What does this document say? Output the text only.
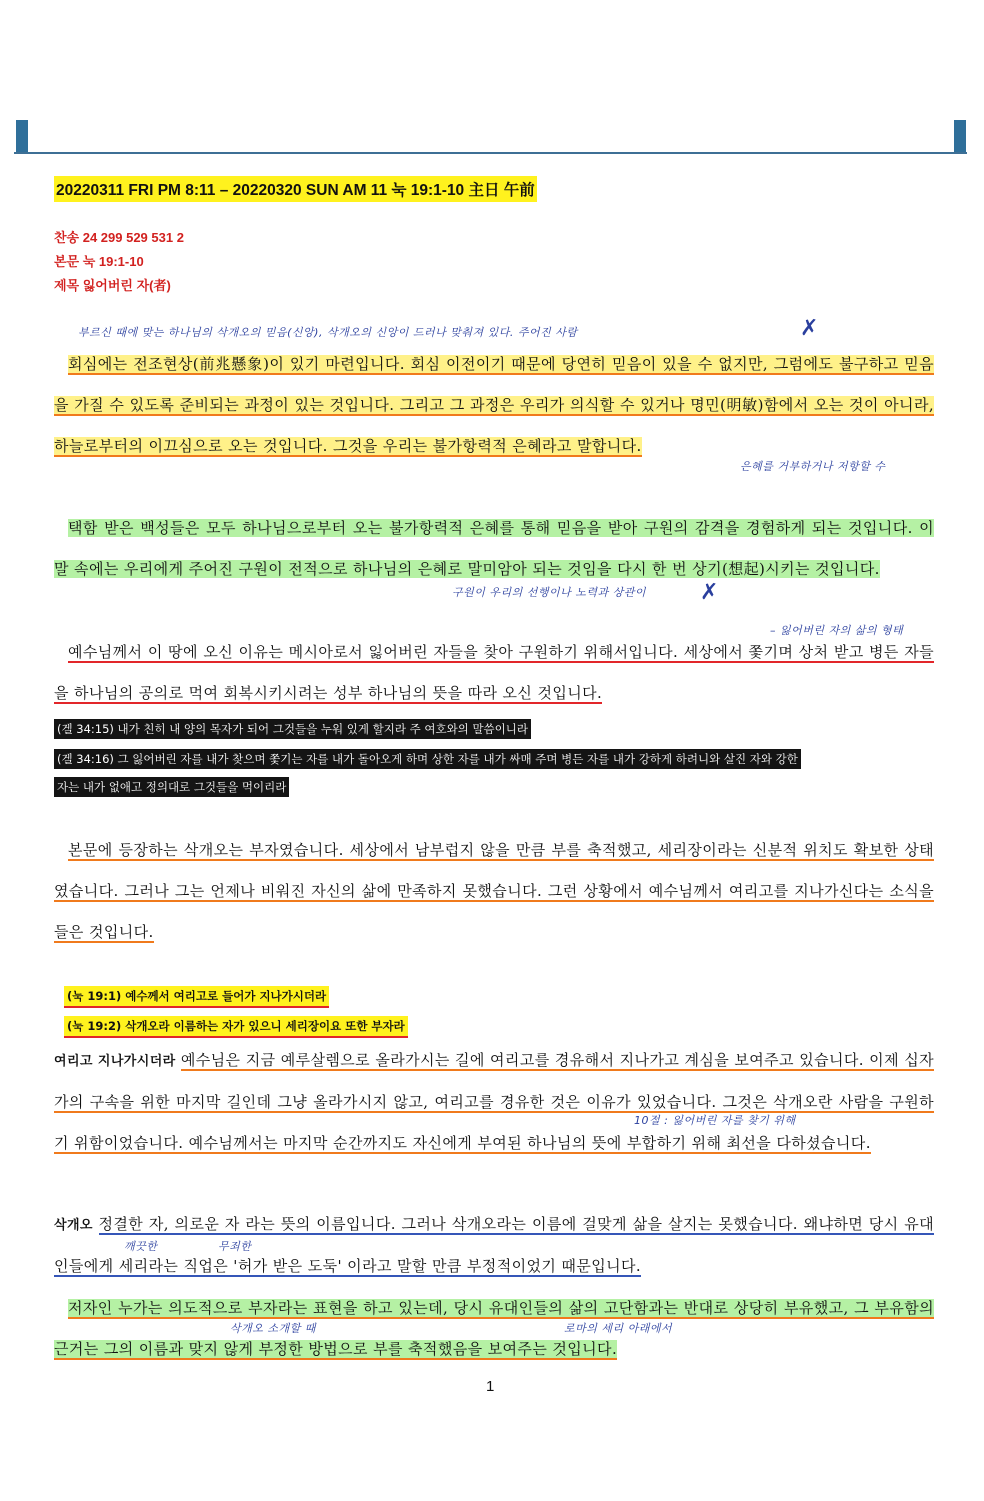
20220311 FRI PM 8:11 – 20220320 SUN AM 11 눅 19:1-10 主日 午前
찬송 24 299 529 531 2
본문 눅 19:1-10
제목 잃어버린 자(者)
부르신 때에 맞는 하나님의 삭개오의 믿음(신앙), 삭개오의 신앙이 드러나 맞춰져 있다. 주어진 사람	✗
회심에는 전조현상(前兆懸象)이 있기 마련입니다. 회심 이전이기 때문에 당연히 믿음이 있을 수 없지만, 그럼에도 불구하고 믿음을 가질 수 있도록 준비되는 과정이 있는 것입니다. 그리고 그 과정은 우리가 의식할 수 있거나 명민(明敏)함에서 오는 것이 아니라, 하늘로부터의 이끄심으로 오는 것입니다. 그것을 우리는 불가항력적 은혜라고 말합니다.
은혜를 거부하거나 저항할 수
택함 받은 백성들은 모두 하나님으로부터 오는 불가항력적 은혜를 통해 믿음을 받아 구원의 감격을 경험하게 되는 것입니다. 이 말 속에는 우리에게 주어진 구원이 전적으로 하나님의 은혜로 말미암아 되는 것임을 다시 한 번 상기(想起)시키는 것입니다.
구원이 우리의 선행이나 노력과 상관이 ✗
– 잃어버린 자의 삶의 형태
예수님께서 이 땅에 오신 이유는 메시아로서 잃어버린 자들을 찾아 구원하기 위해서입니다. 세상에서 쫓기며 상처 받고 병든 자들을 하나님의 공의로 먹여 회복시키시려는 성부 하나님의 뜻을 따라 오신 것입니다.
(겔 34:15) 내가 친히 내 양의 목자가 되어 그것들을 누워 있게 할지라 주 여호와의 말씀이니라
(겔 34:16) 그 잃어버린 자를 내가 찾으며 쫓기는 자를 내가 돌아오게 하며 상한 자를 내가 싸매 주며 병든 자를 내가 강하게 하려니와 살진 자와 강한
자는 내가 없애고 정의대로 그것들을 먹이리라
본문에 등장하는 삭개오는 부자였습니다. 세상에서 남부럽지 않을 만큼 부를 축적했고, 세리장이라는 신분적 위치도 확보한 상태였습니다. 그러나 그는 언제나 비워진 자신의 삶에 만족하지 못했습니다. 그런 상황에서 예수님께서 여리고를 지나가신다는 소식을 들은 것입니다.
(눅 19:1) 예수께서 여리고로 들어가 지나가시더라
(눅 19:2) 삭개오라 이름하는 자가 있으니 세리장이요 또한 부자라
여리고 지나가시더라 예수님은 지금 예루살렘으로 올라가시는 길에 여리고를 경유해서 지나가고 계심을 보여주고 있습니다. 이제 십자가의 구속을 위한 마지막 길인데 그냥 올라가시지 않고, 여리고를 경유한 것은 이유가 있었습니다. 그것은 삭개오란 사람을 구원하기 위함이었습니다. 예수님께서는 마지막 순간까지도 자신에게 부여된 하나님의 뜻에 부합하기 위해 최선을 다하셨습니다.
10절 : 잃어버린 자를 찾기 위해
삭개오 정결한 자, 의로운 자 라는 뜻의 이름입니다. 그러나 삭개오라는 이름에 걸맞게 삶을 살지는 못했습니다. 왜냐하면 당시 유대인들에게 세리라는 직업은 '허가 받은 도둑' 이라고 말할 만큼 부정적이었기 때문입니다.
깨끗한	무죄한
저자인 누가는 의도적으로 부자라는 표현을 하고 있는데, 당시 유대인들의 삶의 고단함과는 반대로 상당히 부유했고, 그 부유함의 근거는 그의 이름과 맞지 않게 부정한 방법으로 부를 축적했음을 보여주는 것입니다.
삭개오 소개할 때	로마의 세리 아래에서
1
